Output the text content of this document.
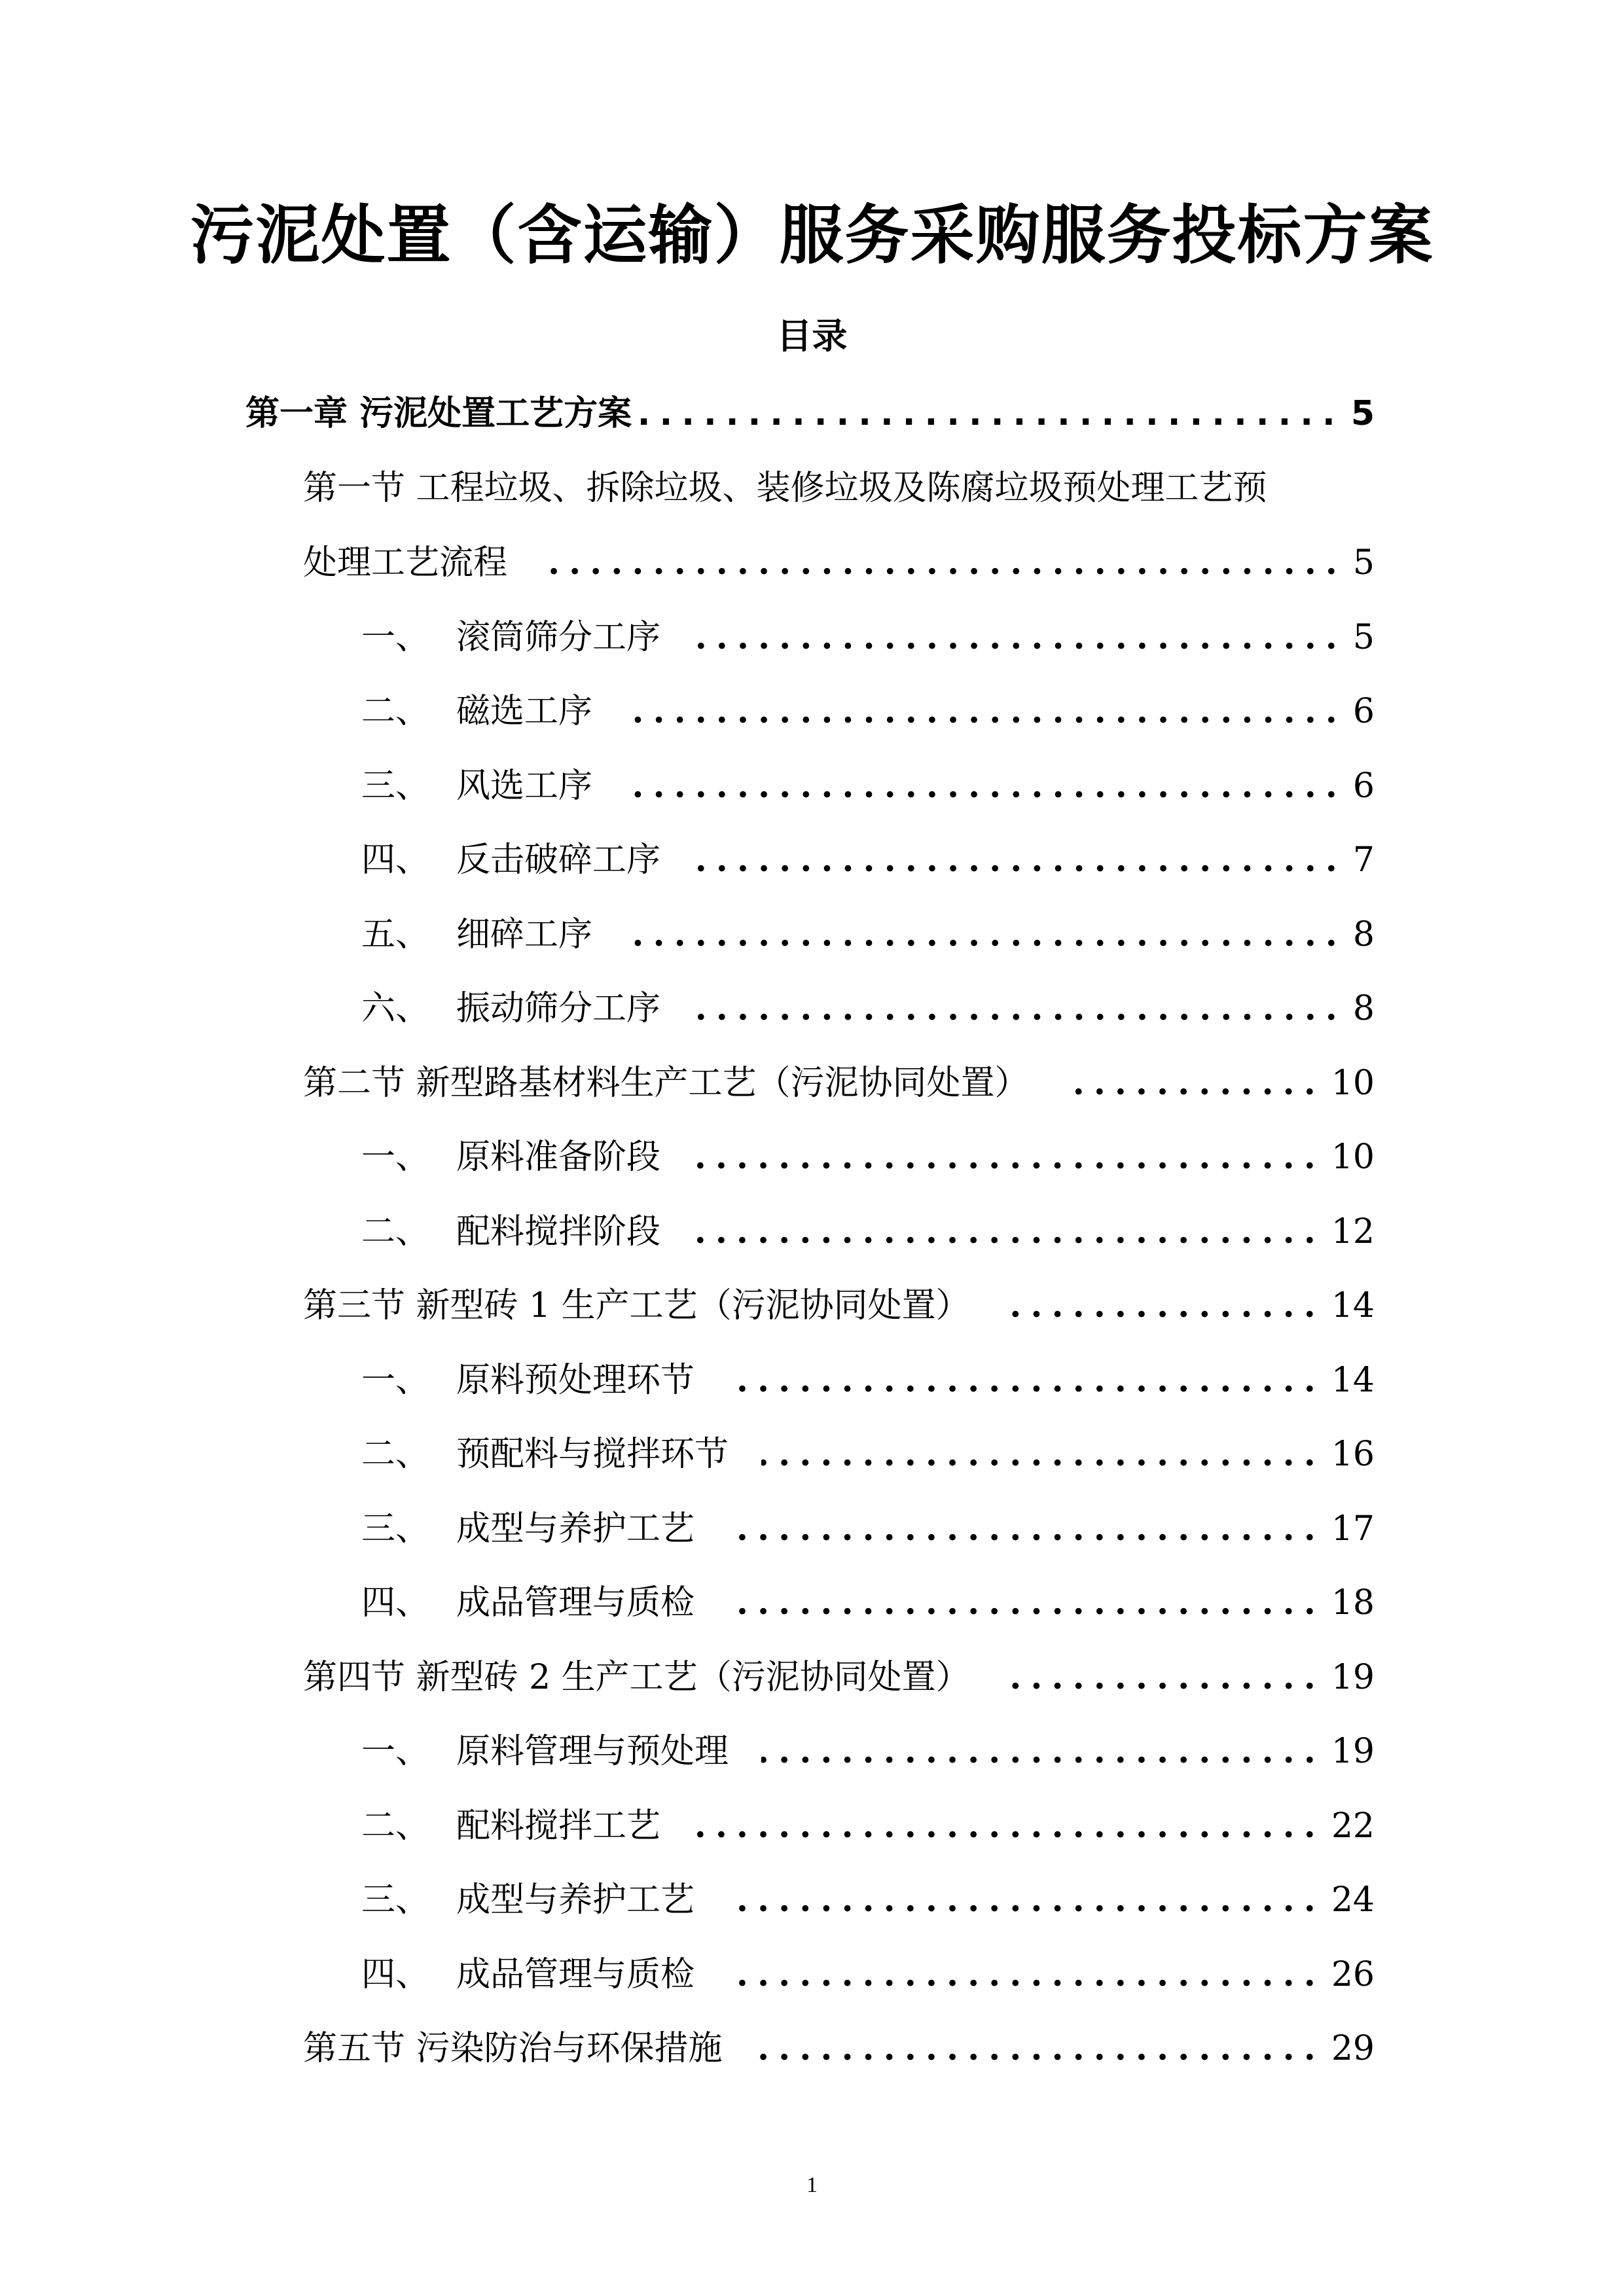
污泥处置（含运输）服务采购服务投标方案
目录
第一章 污泥处置工艺方案 .....	5
第一节 工程垃圾、拆除垃圾、装修垃圾及陈腐垃圾预处理工艺预
处理工艺流程 .....	5
一、 滚筒筛分工序 .....	5
二、 磁选工序 .....	6
三、 风选工序 .....	6
四、 反击破碎工序 .....	7
五、 细碎工序 .....	8
六、 振动筛分工序 .....	8
第二节 新型路基材料生产工艺（污泥协同处置） .....	10
一、 原料准备阶段 .....	10
二、 配料搅拌阶段 .....	12
第三节 新型砖 1 生产工艺（污泥协同处置） .....	14
一、 原料预处理环节 .....	14
二、 预配料与搅拌环节 .....	16
三、 成型与养护工艺 .....	17
四、 成品管理与质检 .....	18
第四节 新型砖 2 生产工艺（污泥协同处置） .....	19
一、 原料管理与预处理 .....	19
二、 配料搅拌工艺 .....	22
三、 成型与养护工艺 .....	24
四、 成品管理与质检 .....	26
第五节 污染防治与环保措施 .....	29
1
